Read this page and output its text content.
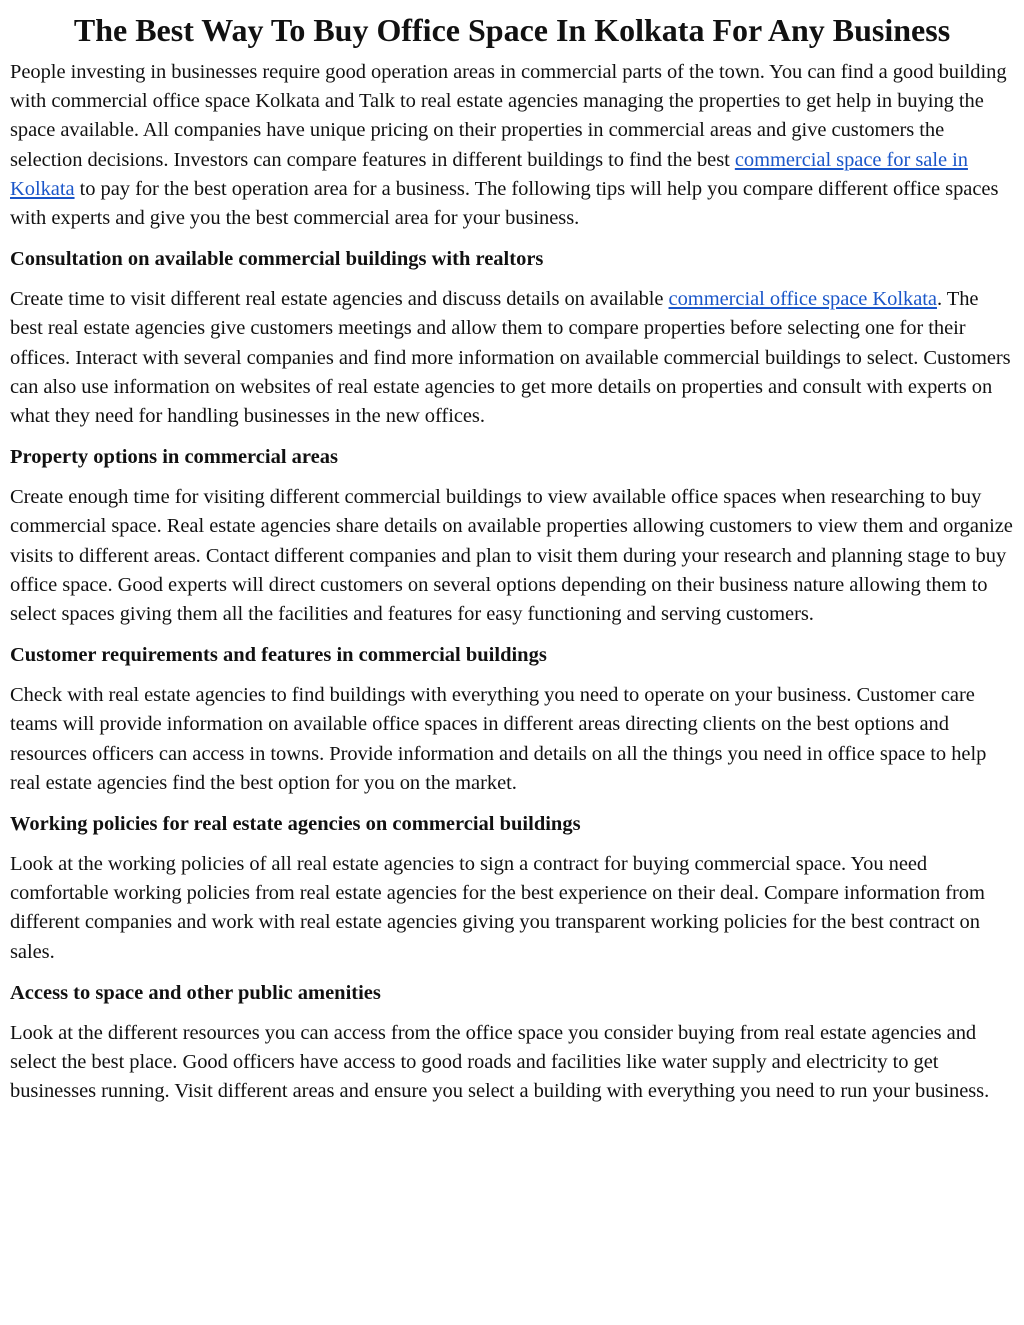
The Best Way To Buy Office Space In Kolkata For Any Business

People investing in businesses require good operation areas in commercial parts of the town. You can find a good building with commercial office space Kolkata and Talk to real estate agencies managing the properties to get help in buying the space available. All companies have unique pricing on their properties in commercial areas and give customers the selection decisions. Investors can compare features in different buildings to find the best commercial space for sale in Kolkata to pay for the best operation area for a business. The following tips will help you compare different office spaces with experts and give you the best commercial area for your business.

Consultation on available commercial buildings with realtors

Create time to visit different real estate agencies and discuss details on available commercial office space Kolkata. The best real estate agencies give customers meetings and allow them to compare properties before selecting one for their offices. Interact with several companies and find more information on available commercial buildings to select. Customers can also use information on websites of real estate agencies to get more details on properties and consult with experts on what they need for handling businesses in the new offices.

Property options in commercial areas

Create enough time for visiting different commercial buildings to view available office spaces when researching to buy commercial space. Real estate agencies share details on available properties allowing customers to view them and organize visits to different areas. Contact different companies and plan to visit them during your research and planning stage to buy office space. Good experts will direct customers on several options depending on their business nature allowing them to select spaces giving them all the facilities and features for easy functioning and serving customers.

Customer requirements and features in commercial buildings

Check with real estate agencies to find buildings with everything you need to operate on your business. Customer care teams will provide information on available office spaces in different areas directing clients on the best options and resources officers can access in towns. Provide information and details on all the things you need in office space to help real estate agencies find the best option for you on the market.

Working policies for real estate agencies on commercial buildings

Look at the working policies of all real estate agencies to sign a contract for buying commercial space. You need comfortable working policies from real estate agencies for the best experience on their deal. Compare information from different companies and work with real estate agencies giving you transparent working policies for the best contract on sales.

Access to space and other public amenities

Look at the different resources you can access from the office space you consider buying from real estate agencies and select the best place. Good officers have access to good roads and facilities like water supply and electricity to get businesses running. Visit different areas and ensure you select a building with everything you need to run your business.
